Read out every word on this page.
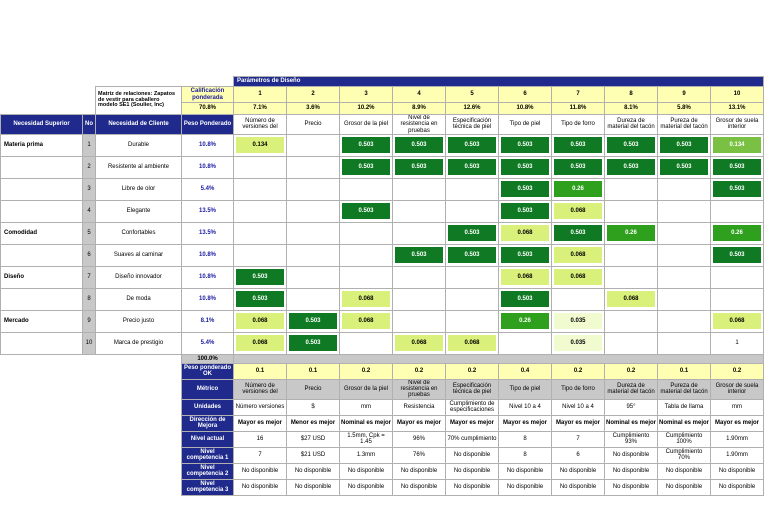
				Parámetros de Diseño									
		Matriz de relaciones: Zapatos de vestir para caballero modelo SE1 (Soulier, Inc)	Calificación ponderada	1	2	3	4	5	6	7	8	9	10
			70.8%	7.1%	3.6%	10.2%	8.9%	12.6%	10.8%	11.8%	8.1%	5.8%	13.1%
Necesidad Superior	No	Necesidad de Cliente	Peso Ponderado	Número de versiones del	Precio	Grosor de la piel	Nivel de resistencia en pruebas	Especificación técnica de piel	Tipo de piel	Tipo de forro	Dureza de material del tacón	Pureza de material del tacón	Grosor de suela interior
Materia prima	1	Durable	10.8%	0.134		0.503	0.503	0.503	0.503	0.503	0.503	0.503	0.134

	2	Resistente al ambiente	10.8%			0.503	0.503	0.503	0.503	0.503	0.503	0.503	0.503

	3	Libre de olor	5.4%						0.503	0.26			0.503

	4	Elegante	13.5%			0.503			0.503	0.068			

Comodidad	5	Confortables	13.5%					0.503	0.068	0.503	0.26		0.26

	6	Suaves al caminar	10.8%				0.503	0.503	0.503	0.068			0.503

Diseño	7	Diseño innovador	10.8%	0.503					0.068	0.068			

	8	De moda	10.8%	0.503		0.068			0.503		0.068		

Mercado	9	Precio justo	8.1%	0.068	0.503	0.068			0.26	0.035			0.068

	10	Marca de prestigio	5.4%	0.068	0.503		0.068	0.068		0.035			1

			100.0%										
			Peso ponderado OK	0.1	0.1	0.2	0.2	0.2	0.4	0.2	0.2	0.1	0.2
			Métrico	Número de versiones del	Precio	Grosor de la piel	Nivel de resistencia en pruebas	Especificación técnica de piel	Tipo de piel	Tipo de forro	Dureza de material del tacón	Pureza de material del tacón	Grosor de suela interior
			Unidades	Número versiones	$	mm	Resistencia	Cumplimiento de especificaciones	Nivel 10 a 4	Nivel 10 a 4	95°	Tabla de llama	mm
			Dirección de Mejora	Mayor es mejor	Menor es mejor	Nominal es mejor	Mayor es mejor	Mayor es mejor	Mayor es mejor	Mayor es mejor	Nominal es mejor	Nominal es mejor	Mayor es mejor
			Nivel actual	16	$27 USD	1.5mm, Cpk = 1.45	96%	70% cumplimiento	8	7	Cumplimiento 93%	Cumplimiento 100%	1.90mm
			Nivel competencia 1	7	$21 USD	1.3mm	76%	No disponible	8	6	No disponible	Cumplimiento 70%	1.90mm
			Nivel competencia 2	No disponible	No disponible	No disponible	No disponible	No disponible	No disponible	No disponible	No disponible	No disponible	No disponible
			Nivel competencia 3	No disponible	No disponible	No disponible	No disponible	No disponible	No disponible	No disponible	No disponible	No disponible	No disponible
